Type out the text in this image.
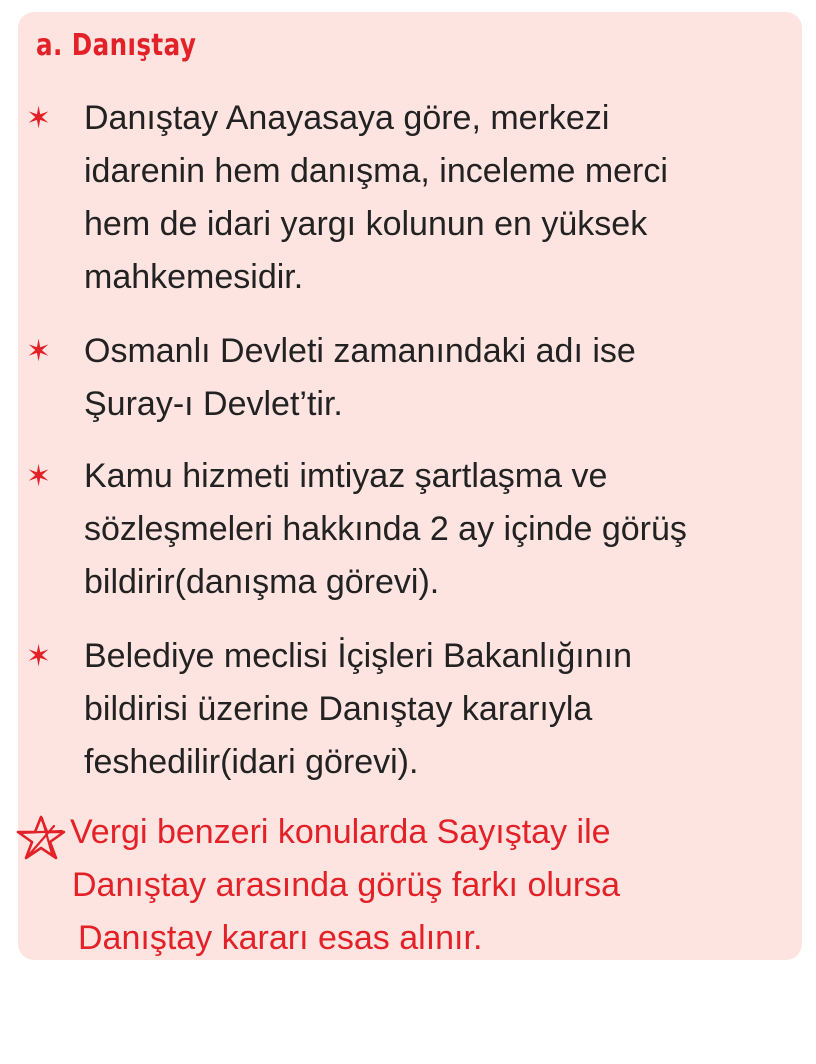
a. Danıştay
✶ Danıştay Anayasaya göre, merkezi
idarenin hem danışma, inceleme merci
hem de idari yargı kolunun en yüksek
mahkemesidir.
✶ Osmanlı Devleti zamanındaki adı ise
Şuray-ı Devlet’tir.
✶ Kamu hizmeti imtiyaz şartlaşma ve
sözleşmeleri hakkında 2 ay içinde görüş
bildirir(danışma görevi).
✶ Belediye meclisi İçişleri Bakanlığının
bildirisi üzerine Danıştay kararıyla
feshedilir(idari görevi).
Vergi benzeri konularda Sayıştay ile
Danıştay arasında görüş farkı olursa
Danıştay kararı esas alınır.
